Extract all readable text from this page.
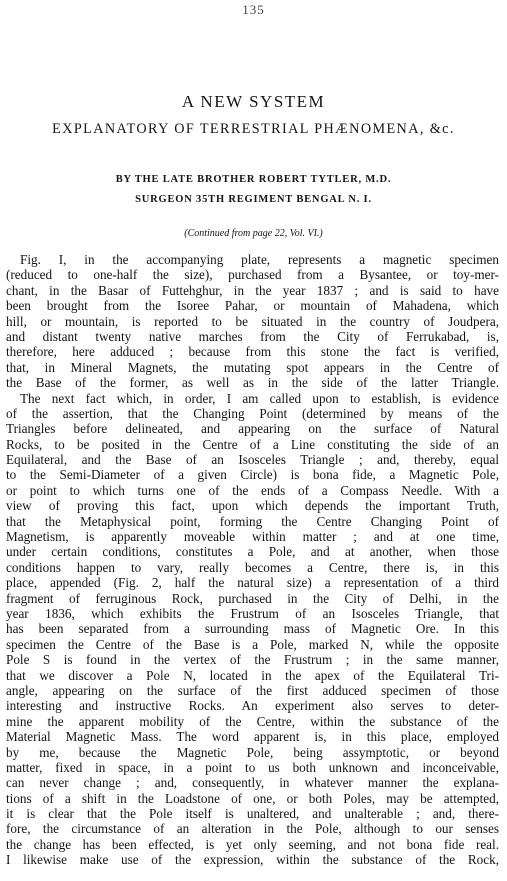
135
A NEW SYSTEM
EXPLANATORY OF TERRESTRIAL PHÆNOMENA, &c.
BY THE LATE BROTHER ROBERT TYTLER, M.D.
SURGEON 35TH REGIMENT BENGAL N. I.
(Continued from page 22, Vol. VI.)
Fig. I, in the accompanying plate, represents a magnetic specimen
(reduced to one-half the size), purchased from a Bysantee, or toy-mer-
chant, in the Basar of Futtehghur, in the year 1837 ; and is said to have
been brought from the Isoree Pahar, or mountain of Mahadena, which
hill, or mountain, is reported to be situated in the country of Joudpera,
and distant twenty native marches from the City of Ferrukabad, is,
therefore, here adduced ; because from this stone the fact is verified,
that, in Mineral Magnets, the mutating spot appears in the Centre of
the Base of the former, as well as in the side of the latter Triangle.
The next fact which, in order, I am called upon to establish, is evidence
of the assertion, that the Changing Point (determined by means of the
Triangles before delineated, and appearing on the surface of Natural
Rocks, to be posited in the Centre of a Line constituting the side of an
Equilateral, and the Base of an Isosceles Triangle ; and, thereby, equal
to the Semi-Diameter of a given Circle) is bona fide, a Magnetic Pole,
or point to which turns one of the ends of a Compass Needle. With a
view of proving this fact, upon which depends the important Truth,
that the Metaphysical point, forming the Centre Changing Point of
Magnetism, is apparently moveable within matter ; and at one time,
under certain conditions, constitutes a Pole, and at another, when those
conditions happen to vary, really becomes a Centre, there is, in this
place, appended (Fig. 2, half the natural size) a representation of a third
fragment of ferruginous Rock, purchased in the City of Delhi, in the
year 1836, which exhibits the Frustrum of an Isosceles Triangle, that
has been separated from a surrounding mass of Magnetic Ore. In this
specimen the Centre of the Base is a Pole, marked N, while the opposite
Pole S is found in the vertex of the Frustrum ; in the same manner,
that we discover a Pole N, located in the apex of the Equilateral Tri-
angle, appearing on the surface of the first adduced specimen of those
interesting and instructive Rocks. An experiment also serves to deter-
mine the apparent mobility of the Centre, within the substance of the
Material Magnetic Mass. The word apparent is, in this place, employed
by me, because the Magnetic Pole, being assymptotic, or beyond
matter, fixed in space, in a point to us both unknown and inconceivable,
can never change ; and, consequently, in whatever manner the explana-
tions of a shift in the Loadstone of one, or both Poles, may be attempted,
it is clear that the Pole itself is unaltered, and unalterable ; and, there-
fore, the circumstance of an alteration in the Pole, although to our senses
the change has been effected, is yet only seeming, and not bona fide real.
I likewise make use of the expression, within the substance of the Rock,
